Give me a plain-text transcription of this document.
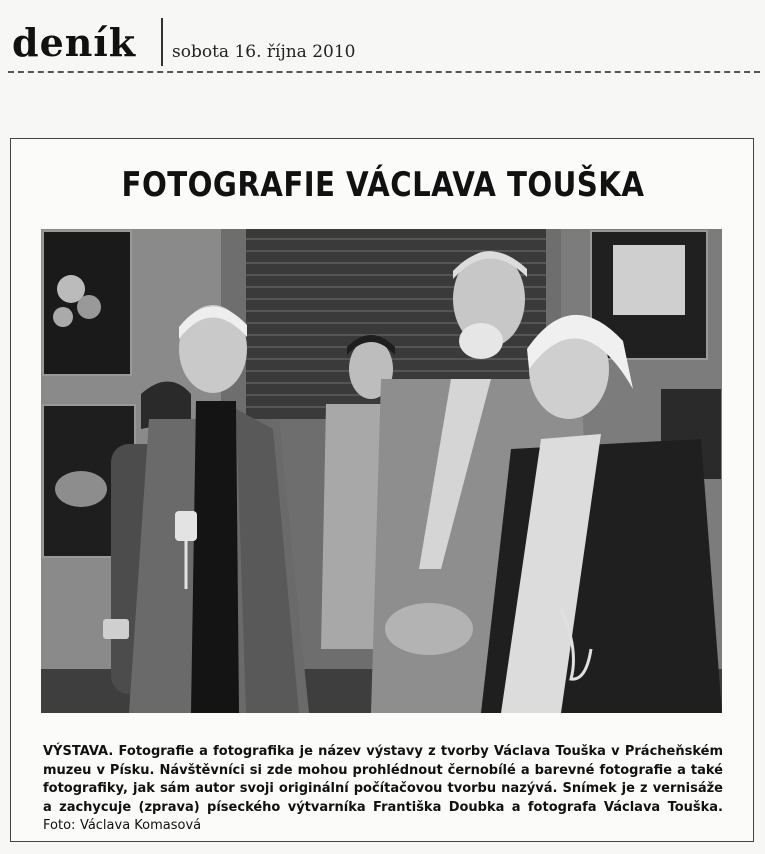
deník sobota 16. října 2010
FOTOGRAFIE VÁCLAVA TOUŠKA
VÝSTAVA. Fotografie a fotografika je název výstavy z tvorby Václava Touška v Prácheňském muzeu v Písku. Návštěvníci si zde mohou prohlédnout černobílé a barevné fotografie a také fotografiky, jak sám autor svoji originální počítačovou tvorbu nazývá. Snímek je z vernisáže a zachycuje (zprava) píseckého výtvarníka Františka Doubka a fotografa Václava Touška. Foto: Václava Komasová
